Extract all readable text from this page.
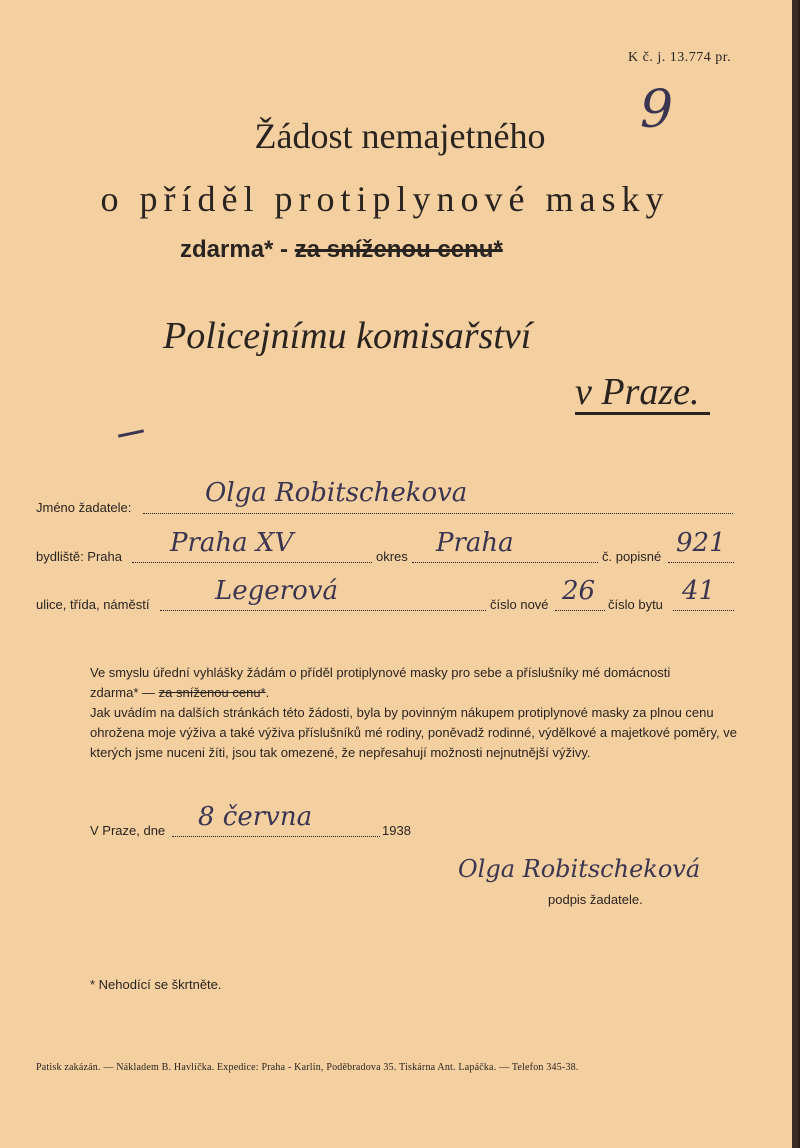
K č. j. 13.774 pr.
9
Žádost nemajetného
o příděl protiplynové masky
zdarma* - za sníženou cenu*
Policejnímu komisařství
v Praze.
Jméno žadatele:	Olga Robitschekova
bydliště: Praha Praha XV	okres Praha	č. popisné 921
ulice, třída, náměstí	Legerová	číslo nové 26 číslo bytu 41
Ve smyslu úřední vyhlášky žádám o příděl protiplynové masky pro sebe a příslušníky mé domácnosti
zdarma* — za sníženou cenu*.
Jak uvádím na dalších stránkách této žádosti, byla by povinným nákupem protiplynové masky za plnou cenu ohrožena moje výživa a také výživa příslušníků mé rodiny, poněvadž rodinné, výdělkové a majetkové poměry, ve kterých jsme nuceni žíti, jsou tak omezené, že nepřesahují možnosti nejnutnější výživy.
V Praze, dne 8 června	1938
Olga Robitscheková
podpis žadatele.
* Nehodící se škrtněte.
Patisk zakázán. — Nákladem B. Havlíčka. Expedice: Praha - Karlín, Poděbradova 35. Tiskárna Ant. Lapáčka. — Telefon 345-38.
